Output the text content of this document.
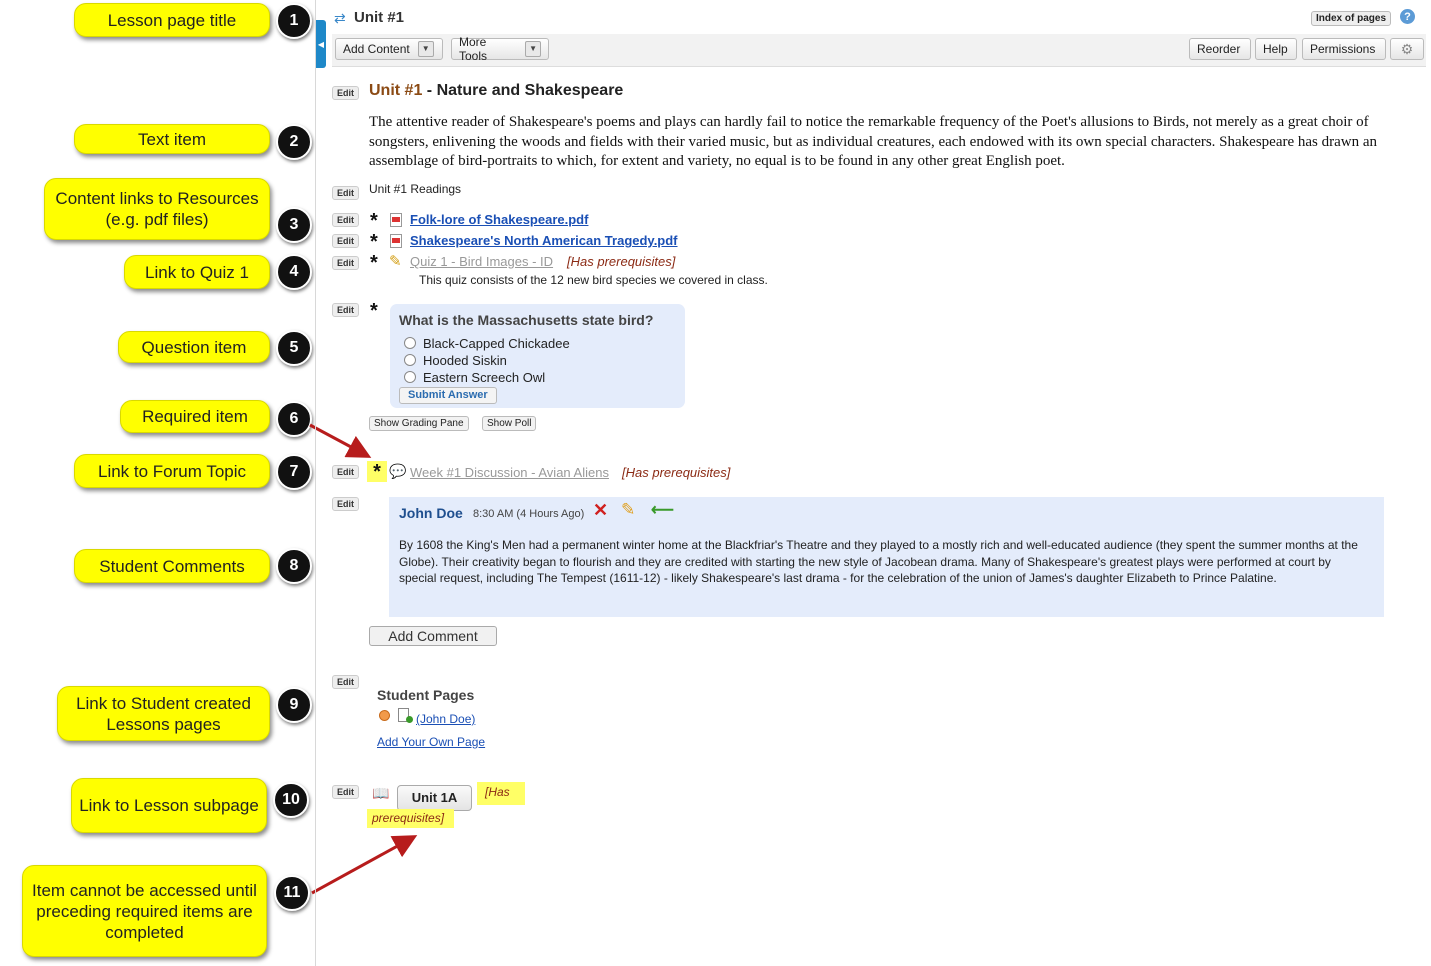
Lesson page title	1
Text item	2
Content links to Resources (e.g. pdf files)	3
Link to Quiz 1	4
Question item	5
Required item	6
Link to Forum Topic	7
Student Comments	8
Link to Student created Lessons pages
9
Link to Lesson subpage 10
Item cannot be accessed until preceding required items are completed
11
◀
⇄ Unit #1	Index of pages	?
Add Content	▼	More Tools
▼	Reorder Help Permissions ⚙
Edit Unit #1 - Nature and Shakespeare
The attentive reader of Shakespeare's poems and plays can hardly fail to notice the remarkable frequency of the Poet's allusions to Birds, not merely as a great choir of songsters, enlivening the woods and fields with their varied music, but as individual creatures, each endowed with its own special characters. Shakespeare has drawn an assemblage of bird-portraits to which, for extent and variety, no equal is to be found in any other great English poet.
Edit	Unit #1 Readings
Edit * Folk-lore of Shakespeare.pdf
Edit * Shakespeare's North American Tragedy.pdf
Edit * ✎ Quiz 1 - Bird Images - ID [Has prerequisites]
This quiz consists of the 12 new bird species we covered in class.
Edit * What is the Massachusetts state bird?
Black-Capped Chickadee
Hooded Siskin
Eastern Screech Owl
Submit Answer
Show Grading Pane	Show Poll
Edit * 💬 Week #1 Discussion - Avian Aliens [Has prerequisites]
Edit
John Doe 8:30 AM (4 Hours Ago) ✕ ✎ ⟵
By 1608 the King's Men had a permanent winter home at the Blackfriar's Theatre and they played to a mostly rich and well-educated audience (they spent the summer months at the Globe). Their creativity began to flourish and they are credited with starting the new style of Jacobean drama. Many of Shakespeare's greatest plays were performed at court by special request, including The Tempest (1611-12) - likely Shakespeare's last drama - for the celebration of the union of James's daughter Elizabeth to Prince Palatine.
Add Comment
Edit
Student Pages
(John Doe)
Add Your Own Page
Edit	📖	Unit 1A	[Has
prerequisites]
